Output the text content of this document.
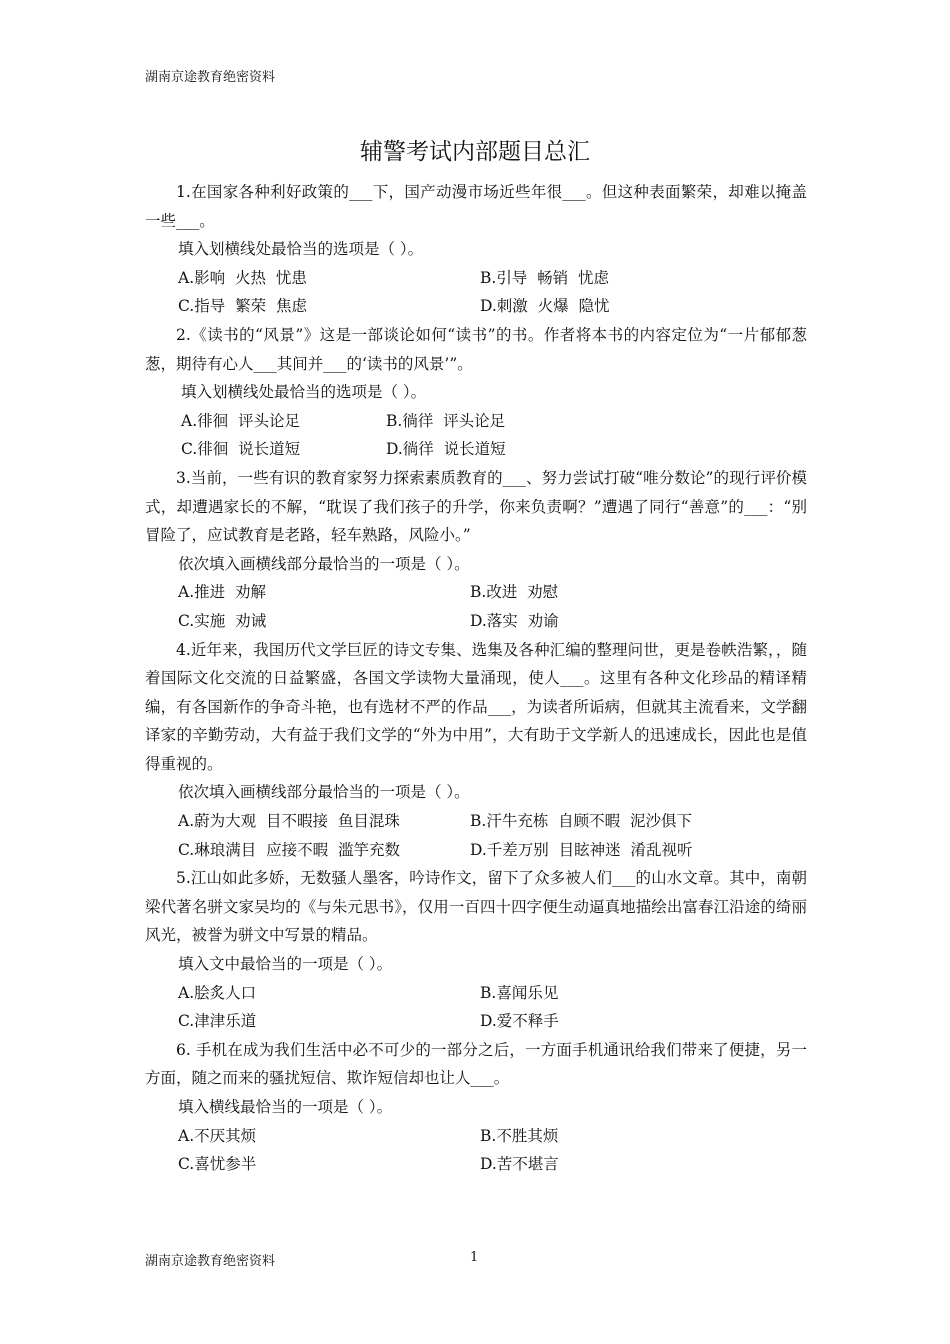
湖南京途教育绝密资料
辅警考试内部题目总汇

1.在国家各种利好政策的___下，国产动漫市场近些年很___。但这种表面繁荣，却难以掩盖一些___。

填入划横线处最恰当的选项是（ ）。

A.影响  火热  忧患	B.引导  畅销  忧虑
C.指导  繁荣  焦虑	D.刺激  火爆  隐忧

2.《读书的“风景”》这是一部谈论如何“读书”的书。作者将本书的内容定位为“一片郁郁葱葱，期待有心人___其间并___的‘读书的风景’”。

填入划横线处最恰当的选项是（ ）。

A.徘徊  评头论足	B.徜徉  评头论足
C.徘徊  说长道短	D.徜徉  说长道短

3.当前，一些有识的教育家努力探索素质教育的___、努力尝试打破“唯分数论”的现行评价模式，却遭遇家长的不解，“耽误了我们孩子的升学，你来负责啊？”遭遇了同行“善意”的___：“别冒险了，应试教育是老路，轻车熟路，风险小。”

依次填入画横线部分最恰当的一项是（ ）。

A.推进  劝解	B.改进  劝慰
C.实施  劝诫	D.落实  劝谕

4.近年来，我国历代文学巨匠的诗文专集、选集及各种汇编的整理问世，更是卷帙浩繁，，随着国际文化交流的日益繁盛，各国文学读物大量涌现，使人___。这里有各种文化珍品的精译精编，有各国新作的争奇斗艳，也有选材不严的作品___，为读者所诟病，但就其主流看来，文学翻译家的辛勤劳动，大有益于我们文学的“外为中用”，大有助于文学新人的迅速成长，因此也是值得重视的。

依次填入画横线部分最恰当的一项是（ ）。

A.蔚为大观  目不暇接  鱼目混珠	B.汗牛充栋  自顾不暇  泥沙俱下
C.琳琅满目  应接不暇  滥竽充数	D.千差万别  目眩神迷  淆乱视听

5.江山如此多娇，无数骚人墨客，吟诗作文，留下了众多被人们___的山水文章。其中，南朝梁代著名骈文家吴均的《与朱元思书》，仅用一百四十四字便生动逼真地描绘出富春江沿途的绮丽风光，被誉为骈文中写景的精品。

填入文中最恰当的一项是（ ）。

A.脍炙人口	B.喜闻乐见
C.津津乐道	D.爱不释手

6. 手机在成为我们生活中必不可少的一部分之后，一方面手机通讯给我们带来了便捷，另一方面，随之而来的骚扰短信、欺诈短信却也让人___。

填入横线最恰当的一项是（ ）。

A.不厌其烦	B.不胜其烦
C.喜忧参半	D.苦不堪言
湖南京途教育绝密资料	1
